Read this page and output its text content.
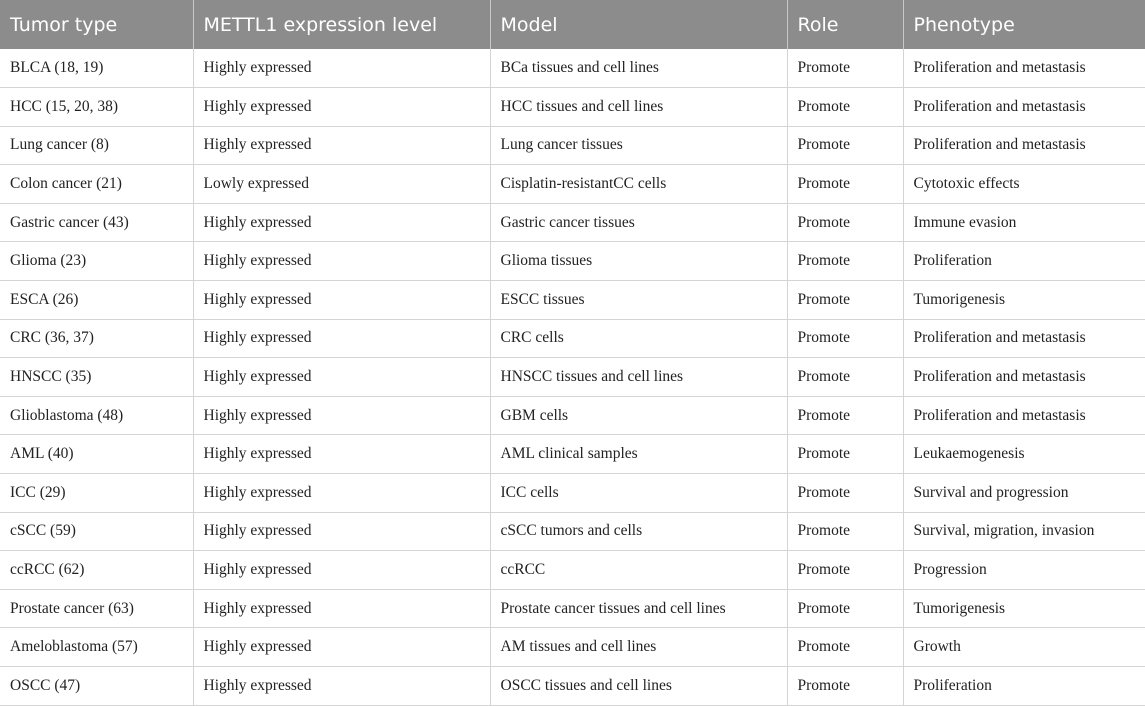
Tumor type	METTL1 expression level	Model	Role	Phenotype
BLCA (18, 19)	Highly expressed	BCa tissues and cell lines	Promote	Proliferation and metastasis
HCC (15, 20, 38)	Highly expressed	HCC tissues and cell lines	Promote	Proliferation and metastasis
Lung cancer (8)	Highly expressed	Lung cancer tissues	Promote	Proliferation and metastasis
Colon cancer (21)	Lowly expressed	Cisplatin-resistantCC cells	Promote	Cytotoxic effects
Gastric cancer (43)	Highly expressed	Gastric cancer tissues	Promote	Immune evasion
Glioma (23)	Highly expressed	Glioma tissues	Promote	Proliferation
ESCA (26)	Highly expressed	ESCC tissues	Promote	Tumorigenesis
CRC (36, 37)	Highly expressed	CRC cells	Promote	Proliferation and metastasis
HNSCC (35)	Highly expressed	HNSCC tissues and cell lines	Promote	Proliferation and metastasis
Glioblastoma (48)	Highly expressed	GBM cells	Promote	Proliferation and metastasis
AML (40)	Highly expressed	AML clinical samples	Promote	Leukaemogenesis
ICC (29)	Highly expressed	ICC cells	Promote	Survival and progression
cSCC (59)	Highly expressed	cSCC tumors and cells	Promote	Survival, migration, invasion
ccRCC (62)	Highly expressed	ccRCC	Promote	Progression
Prostate cancer (63)	Highly expressed	Prostate cancer tissues and cell lines	Promote	Tumorigenesis
Ameloblastoma (57)	Highly expressed	AM tissues and cell lines	Promote	Growth
OSCC (47)	Highly expressed	OSCC tissues and cell lines	Promote	Proliferation
